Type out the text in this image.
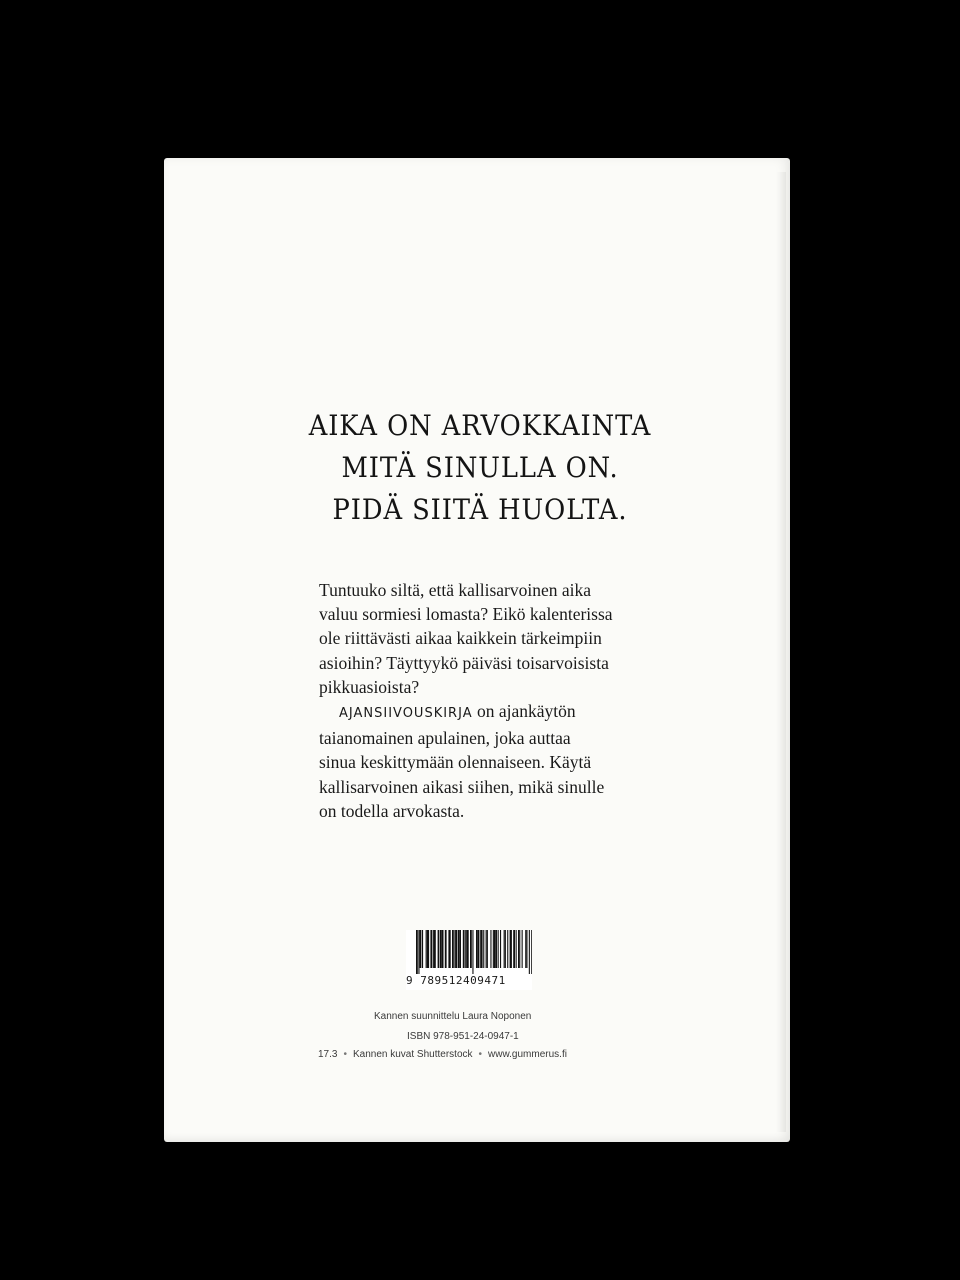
AIKA ON ARVOKKAINTA
MITÄ SINULLA ON.
PIDÄ SIITÄ HUOLTA.

Tuntuuko siltä, että kallisarvoinen aika

valuu sormiesi lomasta? Eikö kalenterissa

ole riittävästi aikaa kaikkein tärkeimpiin

asioihin? Täyttyykö päiväsi toisarvoisista

pikkuasioista?

AJANSIIVOUSKIRJA on ajankäytön

taianomainen apulainen, joka auttaa

sinua keskittymään olennaiseen. Käytä

kallisarvoinen aikasi siihen, mikä sinulle

on todella arvokasta.

9 789512409471
Kannen suunnittelu Laura Noponen
ISBN 978-951-24-0947-1
17.3 • Kannen kuvat Shutterstock • www.gummerus.fi
